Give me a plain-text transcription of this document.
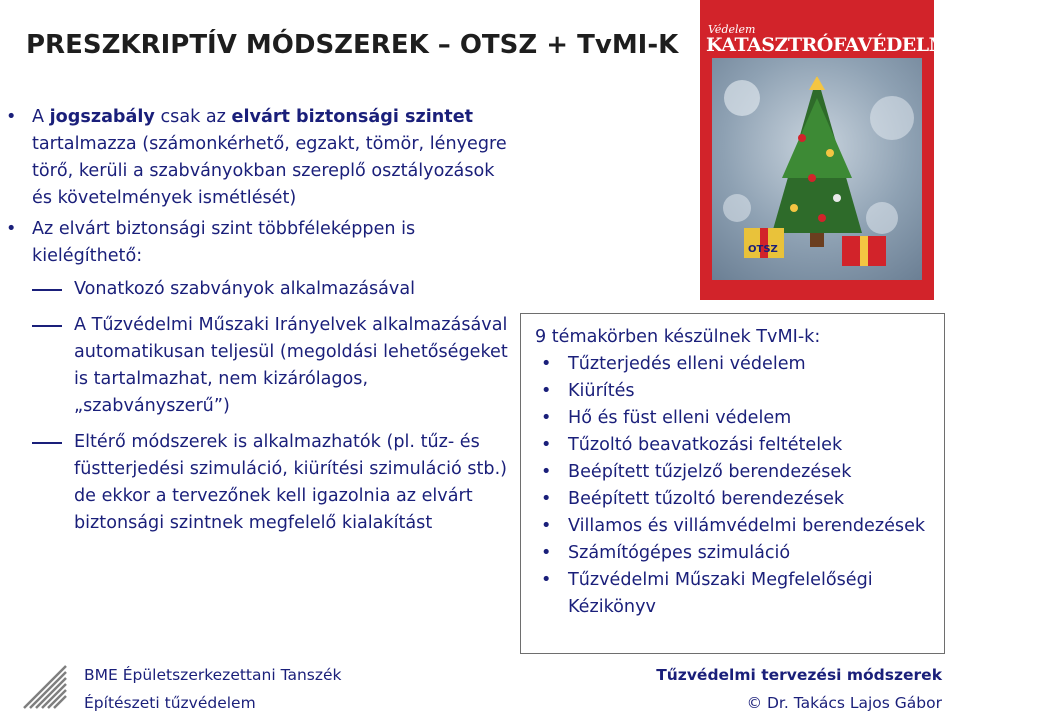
PRESZKRIPTÍV MÓDSZEREK – OTSZ + TvMI-K
• A jogszabály csak az elvárt biztonsági szintet tartalmazza (számonkérhető, egzakt, tömör, lényegre törő, kerüli a szabványokban szereplő osztályozások és követelmények ismétlését)
• Az elvárt biztonsági szint többféleképpen is kielégíthető:
Vonatkozó szabványok alkalmazásával
A Tűzvédelmi Műszaki Irányelvek alkalmazásával automatikusan teljesül (megoldási lehetőségeket is tartalmazhat, nem kizárólagos, „szabványszerű”)
Eltérő módszerek is alkalmazhatók (pl. tűz- és füstterjedési szimuláció, kiürítési szimuláció stb.) de ekkor a tervezőnek kell igazolnia az elvárt biztonsági szintnek megfelelő kialakítást
Védelem
KATASZTRÓFAVÉDELMI SZEMLE
OTSZ

9 témakörben készülnek TvMI-k:

• Tűzterjedés elleni védelem
• Kiürítés
• Hő és füst elleni védelem
• Tűzoltó beavatkozási feltételek
• Beépített tűzjelző berendezések
• Beépített tűzoltó berendezések
• Villamos és villámvédelmi berendezések
• Számítógépes szimuláció
• Tűzvédelmi Műszaki Megfelelőségi Kézikönyv
BME Épületszerkezettani Tanszék
Építészeti tűzvédelem
Tűzvédelmi tervezési módszerek
© Dr. Takács Lajos Gábor
